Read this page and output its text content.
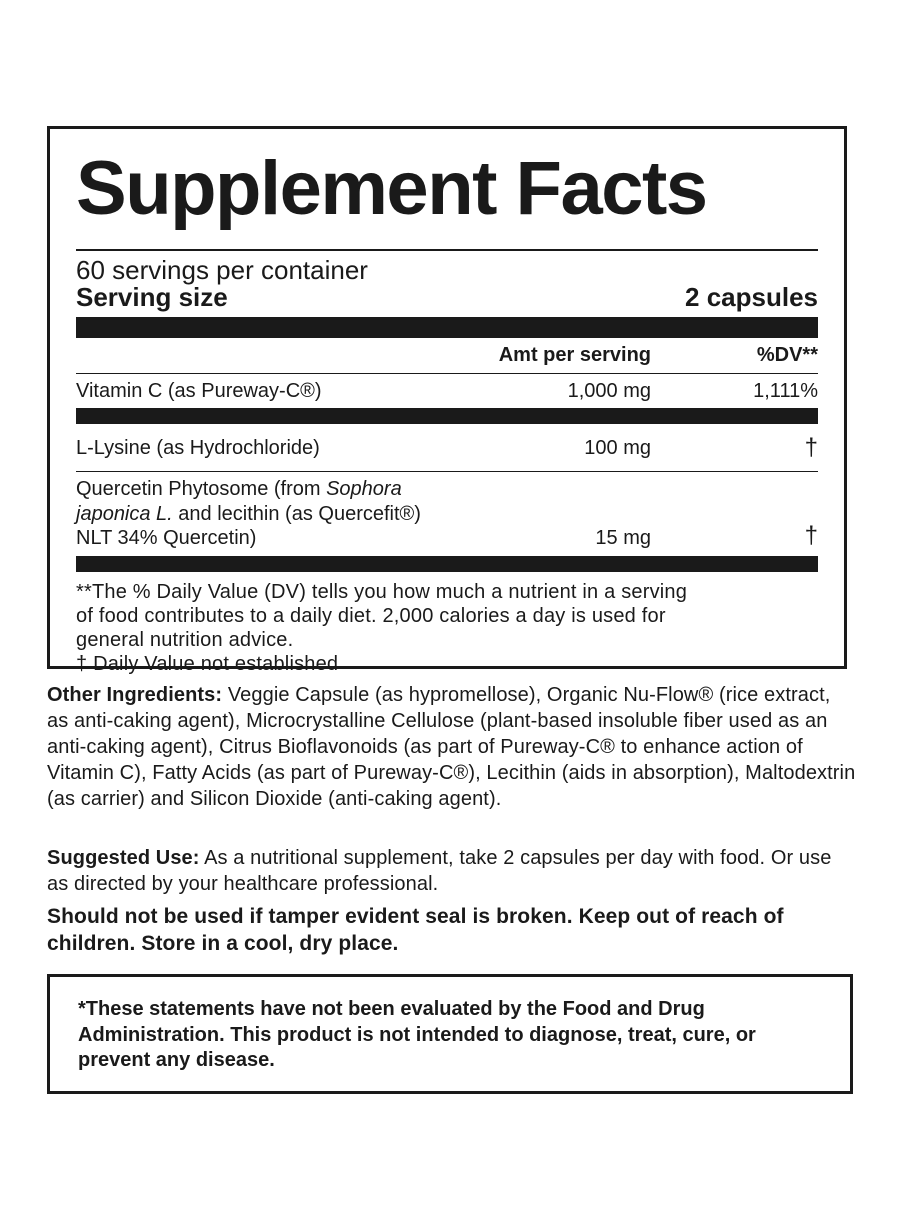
Supplement Facts
60 servings per container
Serving size	2 capsules
Amt per serving	%DV**
Vitamin C (as Pureway-C®)	1,000 mg	1,111%
L-Lysine (as Hydrochloride)	100 mg	†
Quercetin Phytosome (from Sophora
japonica L. and lecithin (as Quercefit®)
NLT 34% Quercetin)	15 mg	†
**The % Daily Value (DV) tells you how much a nutrient in a serving
of food contributes to a daily diet. 2,000 calories a day is used for
general nutrition advice.
† Daily Value not established
Other Ingredients: Veggie Capsule (as hypromellose), Organic Nu-Flow® (rice extract, as anti-caking agent), Microcrystalline Cellulose (plant-based insoluble fiber used as an anti-caking agent), Citrus Bioflavonoids (as part of Pureway-C® to enhance action of Vitamin C), Fatty Acids (as part of Pureway-C®), Lecithin (aids in absorption), Maltodextrin (as carrier) and Silicon Dioxide (anti-caking agent).
Suggested Use: As a nutritional supplement, take 2 capsules per day with food. Or use as directed by your healthcare professional.
Should not be used if tamper evident seal is broken. Keep out of reach of children. Store in a cool, dry place.
*These statements have not been evaluated by the Food and Drug Administration. This product is not intended to diagnose, treat, cure, or prevent any disease.
